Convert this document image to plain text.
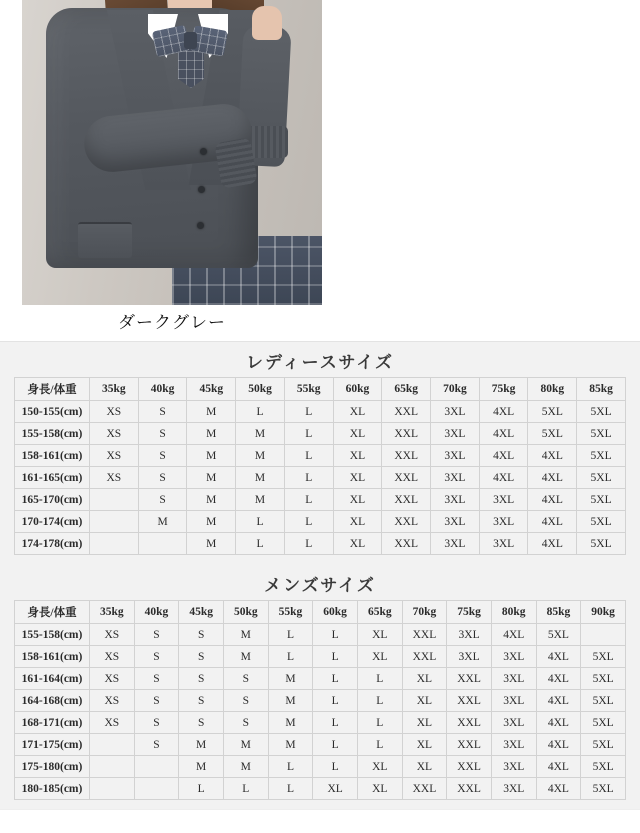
ダークグレー
レディースサイズ
身長/体重	35kg	40kg	45kg	50kg	55kg	60kg	65kg	70kg	75kg	80kg	85kg
150-155(cm)	XS	S	M	L	L	XL	XXL	3XL	4XL	5XL	5XL
155-158(cm)	XS	S	M	M	L	XL	XXL	3XL	4XL	5XL	5XL
158-161(cm)	XS	S	M	M	L	XL	XXL	3XL	4XL	4XL	5XL
161-165(cm)	XS	S	M	M	L	XL	XXL	3XL	4XL	4XL	5XL
165-170(cm)		S	M	M	L	XL	XXL	3XL	3XL	4XL	5XL
170-174(cm)		M	M	L	L	XL	XXL	3XL	3XL	4XL	5XL
174-178(cm)			M	L	L	XL	XXL	3XL	3XL	4XL	5XL
メンズサイズ
身長/体重	35kg	40kg	45kg	50kg	55kg	60kg	65kg	70kg	75kg	80kg	85kg	90kg
155-158(cm)	XS	S	S	M	L	L	XL	XXL	3XL	4XL	5XL	
158-161(cm)	XS	S	S	M	L	L	XL	XXL	3XL	3XL	4XL	5XL
161-164(cm)	XS	S	S	S	M	L	L	XL	XXL	3XL	4XL	5XL
164-168(cm)	XS	S	S	S	M	L	L	XL	XXL	3XL	4XL	5XL
168-171(cm)	XS	S	S	S	M	L	L	XL	XXL	3XL	4XL	5XL
171-175(cm)		S	M	M	M	L	L	XL	XXL	3XL	4XL	5XL
175-180(cm)			M	M	L	L	XL	XL	XXL	3XL	4XL	5XL
180-185(cm)			L	L	L	XL	XL	XXL	XXL	3XL	4XL	5XL
